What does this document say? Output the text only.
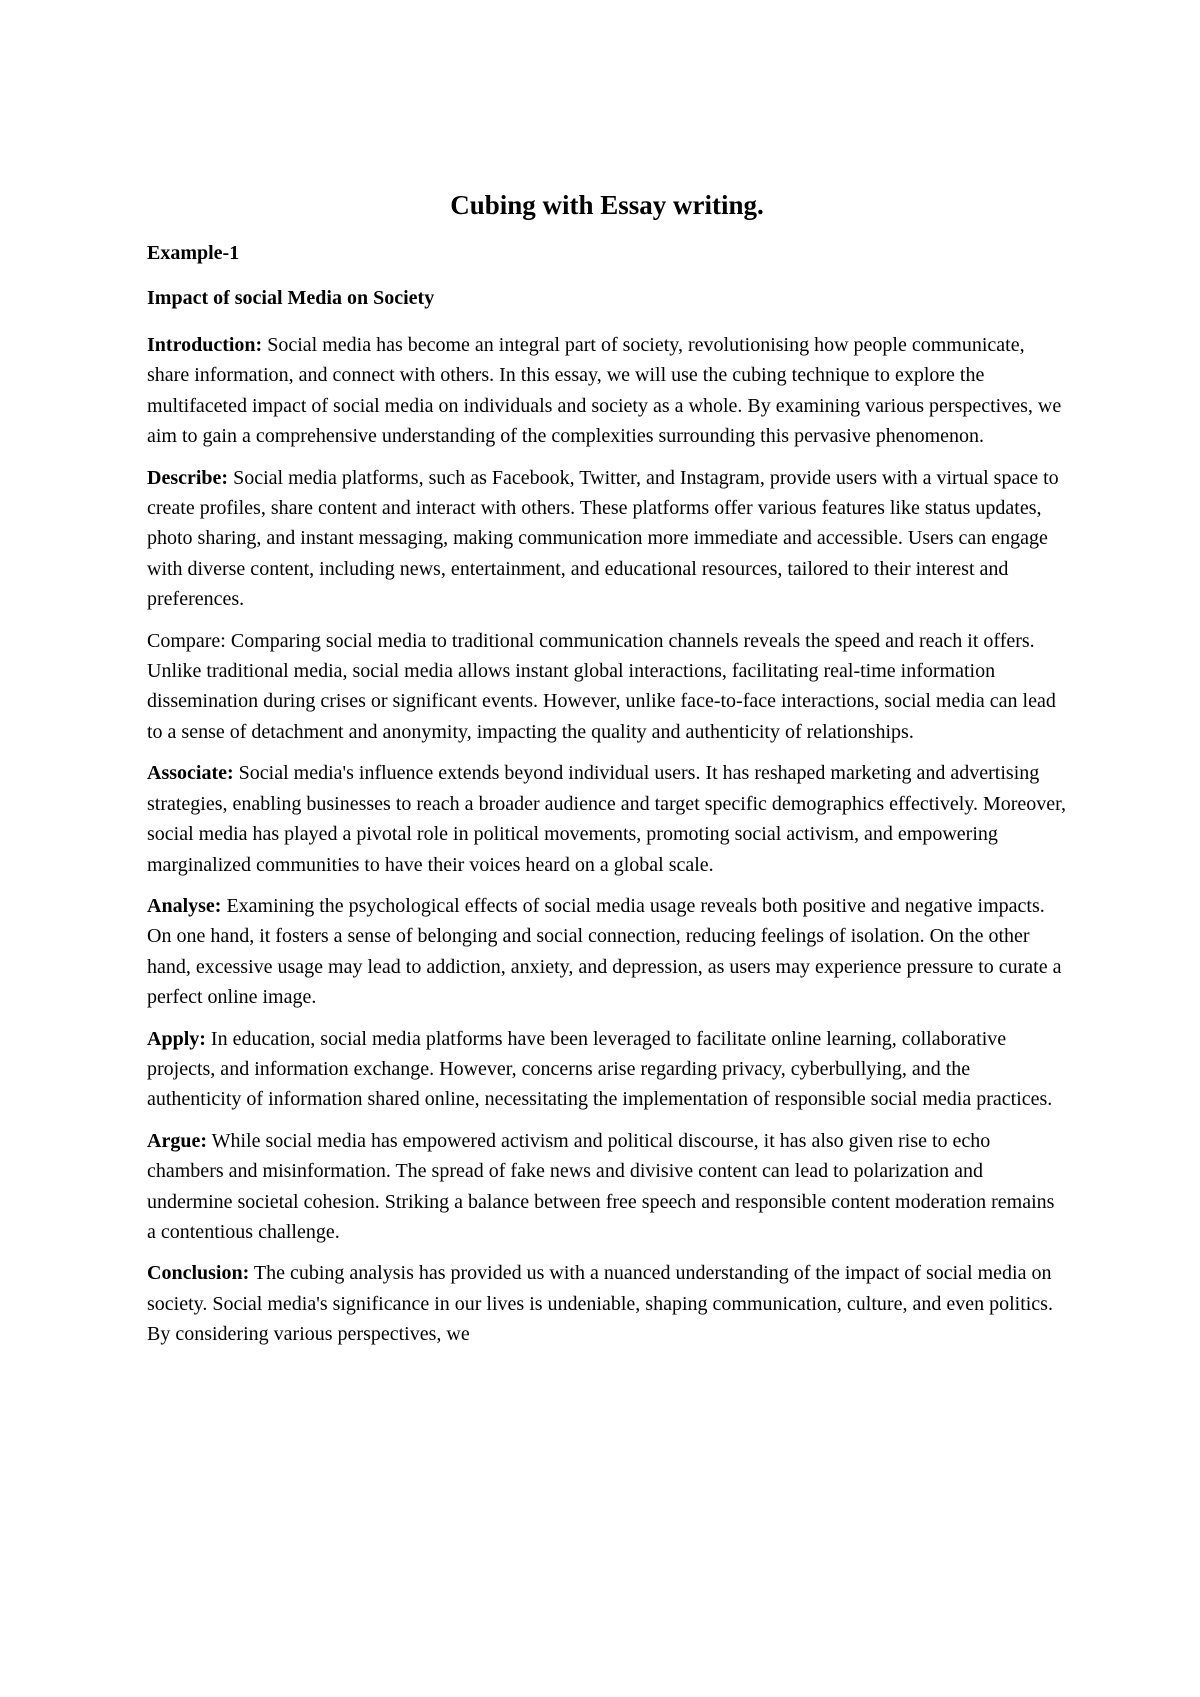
Cubing with Essay writing.
Example-1
Impact of social Media on Society

Introduction: Social media has become an integral part of society, revolutionising how people communicate, share information, and connect with others. In this essay, we will use the cubing technique to explore the multifaceted impact of social media on individuals and society as a whole. By examining various perspectives, we aim to gain a comprehensive understanding of the complexities surrounding this pervasive phenomenon.

Describe: Social media platforms, such as Facebook, Twitter, and Instagram, provide users with a virtual space to create profiles, share content and interact with others. These platforms offer various features like status updates, photo sharing, and instant messaging, making communication more immediate and accessible. Users can engage with diverse content, including news, entertainment, and educational resources, tailored to their interest and preferences.

Compare: Comparing social media to traditional communication channels reveals the speed and reach it offers. Unlike traditional media, social media allows instant global interactions, facilitating real-time information dissemination during crises or significant events. However, unlike face-to-face interactions, social media can lead to a sense of detachment and anonymity, impacting the quality and authenticity of relationships.

Associate: Social media's influence extends beyond individual users. It has reshaped marketing and advertising strategies, enabling businesses to reach a broader audience and target specific demographics effectively. Moreover, social media has played a pivotal role in political movements, promoting social activism, and empowering marginalized communities to have their voices heard on a global scale.

Analyse: Examining the psychological effects of social media usage reveals both positive and negative impacts. On one hand, it fosters a sense of belonging and social connection, reducing feelings of isolation. On the other hand, excessive usage may lead to addiction, anxiety, and depression, as users may experience pressure to curate a perfect online image.

Apply: In education, social media platforms have been leveraged to facilitate online learning, collaborative projects, and information exchange. However, concerns arise regarding privacy, cyberbullying, and the authenticity of information shared online, necessitating the implementation of responsible social media practices.

Argue: While social media has empowered activism and political discourse, it has also given rise to echo chambers and misinformation. The spread of fake news and divisive content can lead to polarization and undermine societal cohesion. Striking a balance between free speech and responsible content moderation remains a contentious challenge.

Conclusion: The cubing analysis has provided us with a nuanced understanding of the impact of social media on society. Social media's significance in our lives is undeniable, shaping communication, culture, and even politics. By considering various perspectives, we
